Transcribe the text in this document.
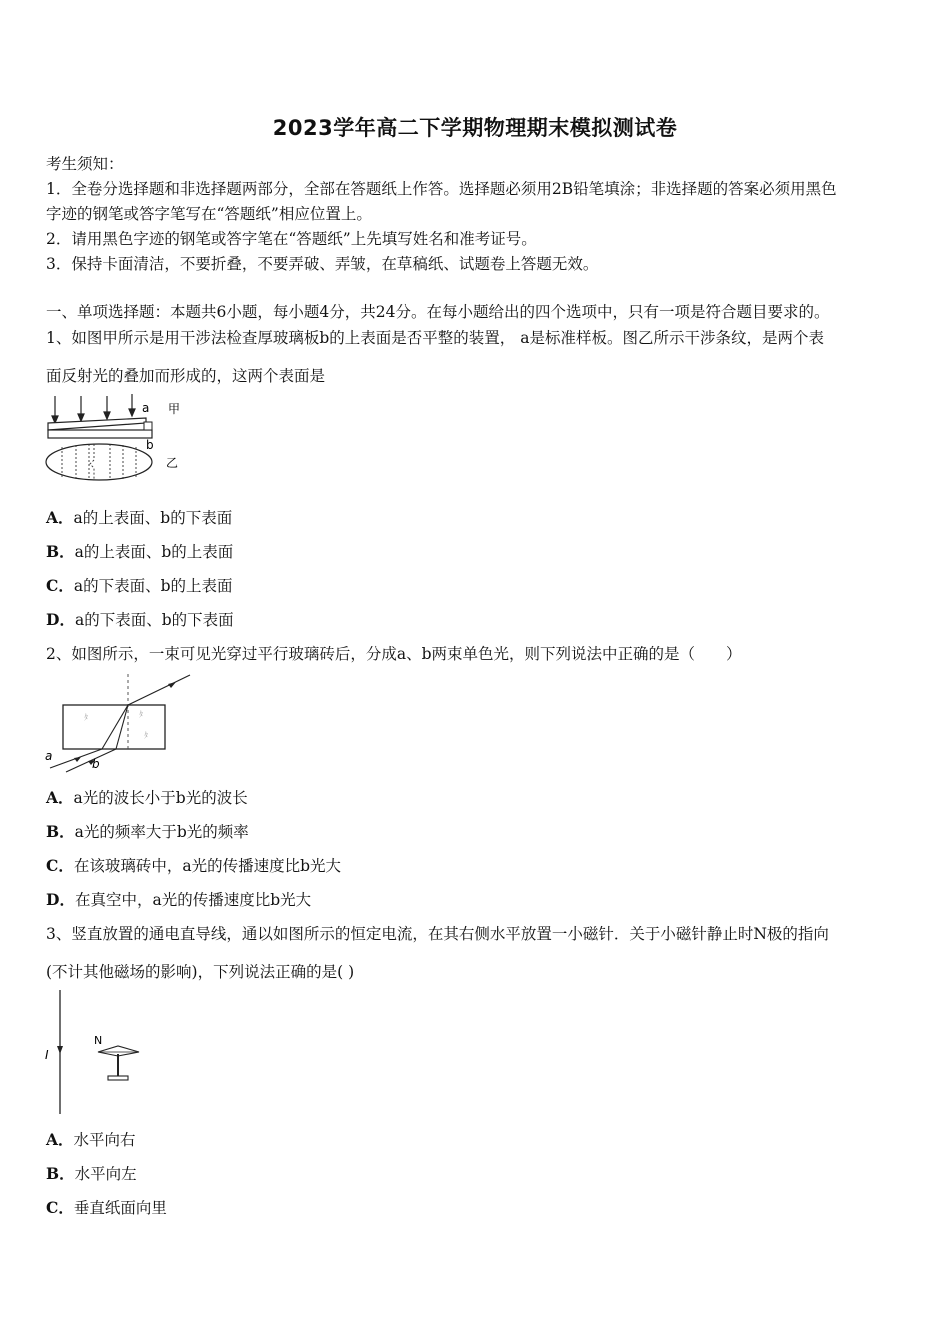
2023学年高二下学期物理期末模拟测试卷
考生须知：
1．全卷分选择题和非选择题两部分，全部在答题纸上作答。选择题必须用2B铅笔填涂；非选择题的答案必须用黑色
字迹的钢笔或答字笔写在“答题纸”相应位置上。
2．请用黑色字迹的钢笔或答字笔在“答题纸”上先填写姓名和准考证号。
3．保持卡面清洁，不要折叠，不要弄破、弄皱，在草稿纸、试题卷上答题无效。
一、单项选择题：本题共6小题，每小题4分，共24分。在每小题给出的四个选项中，只有一项是符合题目要求的。
1、如图甲所示是用干涉法检查厚玻璃板b的上表面是否平整的装置， a是标准样板。图乙所示干涉条纹，是两个表
面反射光的叠加而形成的，这两个表面是
a
b
甲
乙
A．a的上表面、b的下表面
B．a的上表面、b的上表面
C．a的下表面、b的上表面
D．a的下表面、b的下表面
2、如图所示，一束可见光穿过平行玻璃砖后，分成a、b两束单色光，则下列说法中正确的是（　　）
ﾀ	ﾀ
ﾀ
a
b
A．a光的波长小于b光的波长
B．a光的频率大于b光的频率
C．在该玻璃砖中，a光的传播速度比b光大
D．在真空中，a光的传播速度比b光大
3、竖直放置的通电直导线，通以如图所示的恒定电流，在其右侧水平放置一小磁针．关于小磁针静止时N极的指向
(不计其他磁场的影响)，下列说法正确的是( )
I
N
A．水平向右
B．水平向左
C．垂直纸面向里
